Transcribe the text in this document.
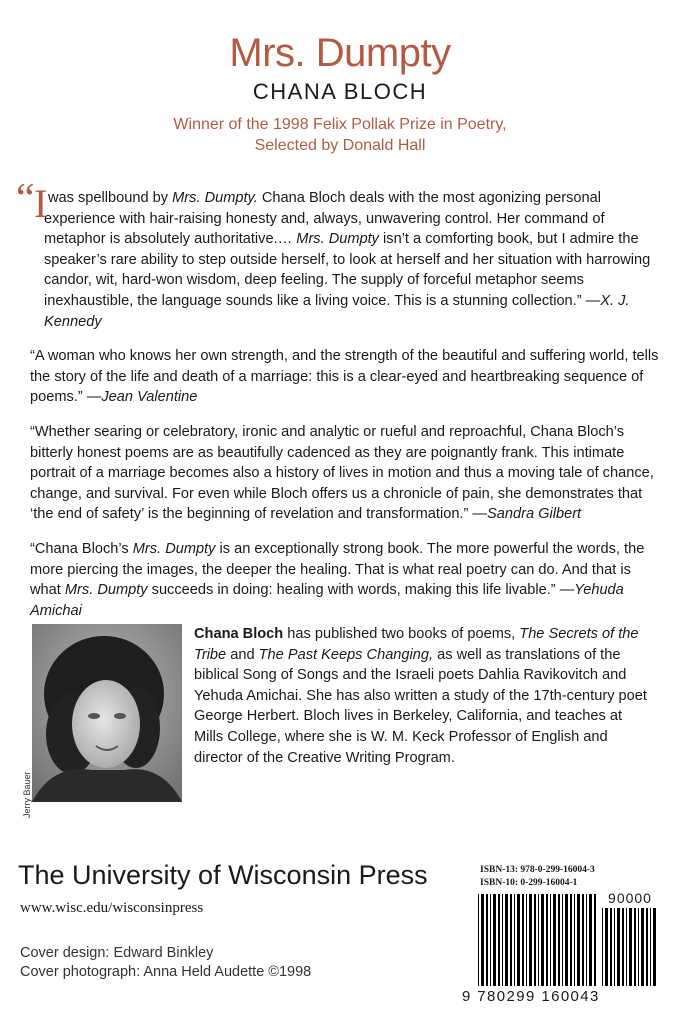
Mrs. Dumpty
CHANA BLOCH
Winner of the 1998 Felix Pollak Prize in Poetry,
Selected by Donald Hall

“ I was spellbound by Mrs. Dumpty. Chana Bloch deals with the most agonizing personal experience with hair-raising honesty and, always, unwavering control. Her command of metaphor is absolutely authoritative.… Mrs. Dumpty isn’t a comforting book, but I admire the speaker’s rare ability to step outside herself, to look at herself and her situation with harrowing candor, wit, hard-won wisdom, deep feeling. The supply of forceful metaphor seems inexhaustible, the language sounds like a living voice. This is a stunning collection.” —X. J. Kennedy

“A woman who knows her own strength, and the strength of the beautiful and suffering world, tells the story of the life and death of a marriage: this is a clear-eyed and heartbreaking sequence of poems.” —Jean Valentine

“Whether searing or celebratory, ironic and analytic or rueful and reproachful, Chana Bloch’s bitterly honest poems are as beautifully cadenced as they are poignantly frank. This intimate portrait of a marriage becomes also a history of lives in motion and thus a moving tale of chance, change, and survival. For even while Bloch offers us a chronicle of pain, she demonstrates that ‘the end of safety’ is the beginning of revelation and transformation.” —Sandra Gilbert

“Chana Bloch’s Mrs. Dumpty is an exceptionally strong book. The more powerful the words, the more piercing the images, the deeper the healing. That is what real poetry can do. And that is what Mrs. Dumpty succeeds in doing: healing with words, making this life livable.” —Yehuda Amichai

Jerry Bauer
Chana Bloch has published two books of poems, The Secrets of the Tribe and The Past Keeps Changing, as well as translations of the biblical Song of Songs and the Israeli poets Dahlia Ravikovitch and Yehuda Amichai. She has also written a study of the 17th-century poet George Herbert. Bloch lives in Berkeley, California, and teaches at Mills College, where she is W. M. Keck Professor of English and director of the Creative Writing Program.
The University of Wisconsin Press
www.wisc.edu/wisconsinpress
Cover design: Edward Binkley
Cover photograph: Anna Held Audette ©1998
ISBN-13: 978-0-299-16004-3
ISBN-10: 0-299-16004-1
90000
9 780299 160043
